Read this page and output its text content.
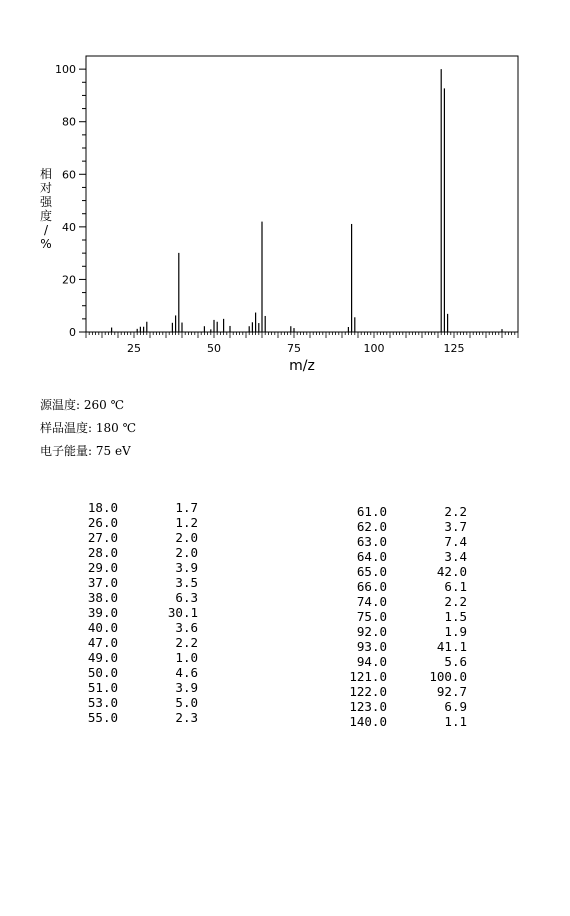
0
20
40
60
80
100
25	50	75	100	125
m/z
相
对
强
度
/
%
源温度: 260 ℃
样品温度: 180 ℃
电子能量: 75 eV
18.0	1.7
26.0	1.2
27.0	2.0
28.0	2.0
29.0	3.9
37.0	3.5
38.0	6.3
39.0	30.1
40.0	3.6
47.0	2.2
49.0	1.0
50.0	4.6
51.0	3.9
53.0	5.0
55.0	2.3
61.0	2.2
62.0	3.7
63.0	7.4
64.0	3.4
65.0	42.0
66.0	6.1
74.0	2.2
75.0	1.5
92.0	1.9
93.0	41.1
94.0	5.6
121.0	100.0
122.0	92.7
123.0	6.9
140.0	1.1
